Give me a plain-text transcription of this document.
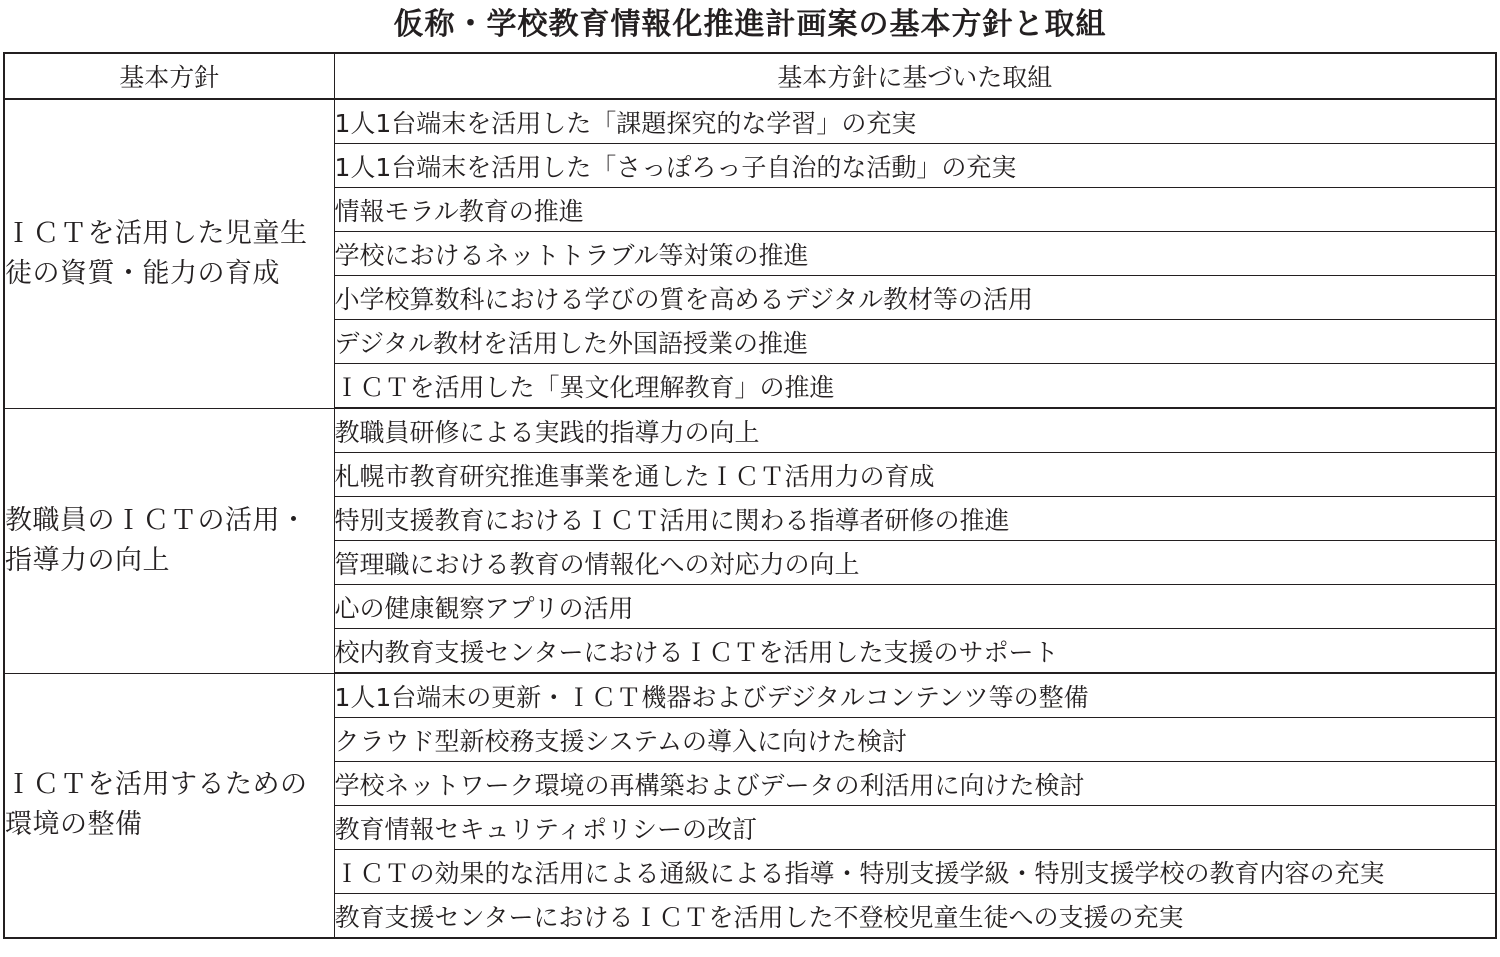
仮称・学校教育情報化推進計画案の基本方針と取組
基本方針	基本方針に基づいた取組
ＩＣＴを活用した児童生徒の資質・能力の育成	1人1台端末を活用した「課題探究的な学習」の充実
	1人1台端末を活用した「さっぽろっ子自治的な活動」の充実
	情報モラル教育の推進
	学校におけるネットトラブル等対策の推進
	小学校算数科における学びの質を高めるデジタル教材等の活用
	デジタル教材を活用した外国語授業の推進
	ＩＣＴを活用した「異文化理解教育」の推進
教職員のＩＣＴの活用・指導力の向上	教職員研修による実践的指導力の向上
	札幌市教育研究推進事業を通したＩＣＴ活用力の育成
	特別支援教育におけるＩＣＴ活用に関わる指導者研修の推進
	管理職における教育の情報化への対応力の向上
	心の健康観察アプリの活用
	校内教育支援センターにおけるＩＣＴを活用した支援のサポート
ＩＣＴを活用するための環境の整備	1人1台端末の更新・ＩＣＴ機器およびデジタルコンテンツ等の整備
	クラウド型新校務支援システムの導入に向けた検討
	学校ネットワーク環境の再構築およびデータの利活用に向けた検討
	教育情報セキュリティポリシーの改訂
	ＩＣＴの効果的な活用による通級による指導・特別支援学級・特別支援学校の教育内容の充実
	教育支援センターにおけるＩＣＴを活用した不登校児童生徒への支援の充実
